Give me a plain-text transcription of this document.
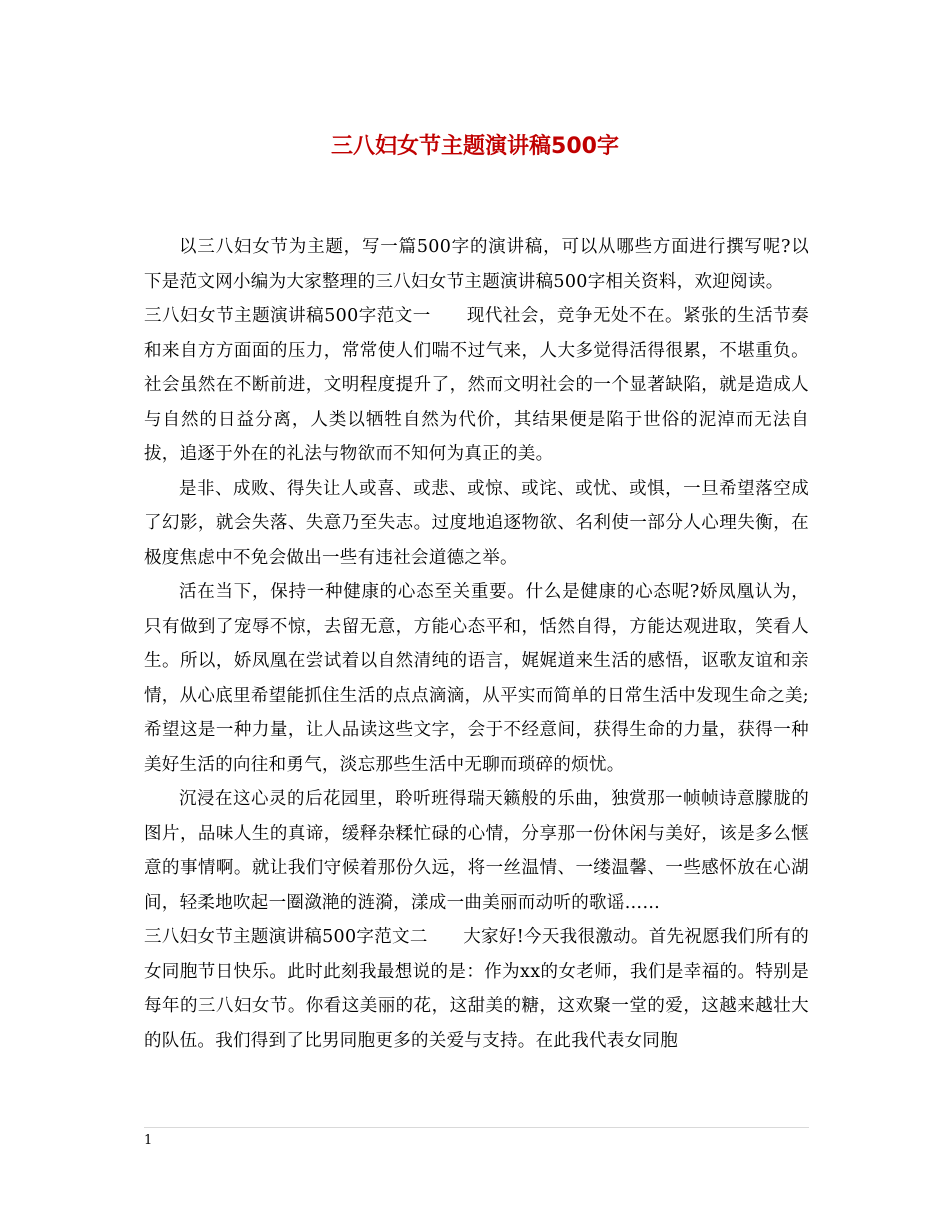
三八妇女节主题演讲稿500字

以三八妇女节为主题，写一篇500字的演讲稿，可以从哪些方面进行撰写呢?以下是范文网小编为大家整理的三八妇女节主题演讲稿500字相关资料，欢迎阅读。

三八妇女节主题演讲稿500字范文一　　现代社会，竞争无处不在。紧张的生活节奏和来自方方面面的压力，常常使人们喘不过气来，人大多觉得活得很累，不堪重负。社会虽然在不断前进，文明程度提升了，然而文明社会的一个显著缺陷，就是造成人与自然的日益分离，人类以牺牲自然为代价，其结果便是陷于世俗的泥淖而无法自拔，追逐于外在的礼法与物欲而不知何为真正的美。

是非、成败、得失让人或喜、或悲、或惊、或诧、或忧、或惧，一旦希望落空成了幻影，就会失落、失意乃至失志。过度地追逐物欲、名利使一部分人心理失衡，在极度焦虑中不免会做出一些有违社会道德之举。

活在当下，保持一种健康的心态至关重要。什么是健康的心态呢?娇凤凰认为，只有做到了宠辱不惊，去留无意，方能心态平和，恬然自得，方能达观进取，笑看人生。所以，娇凤凰在尝试着以自然清纯的语言，娓娓道来生活的感悟，讴歌友谊和亲情，从心底里希望能抓住生活的点点滴滴，从平实而简单的日常生活中发现生命之美;希望这是一种力量，让人品读这些文字，会于不经意间，获得生命的力量，获得一种美好生活的向往和勇气，淡忘那些生活中无聊而琐碎的烦忧。

沉浸在这心灵的后花园里，聆听班得瑞天籁般的乐曲，独赏那一帧帧诗意朦胧的图片，品味人生的真谛，缓释杂糅忙碌的心情，分享那一份休闲与美好，该是多么惬意的事情啊。就让我们守候着那份久远，将一丝温情、一缕温馨、一些感怀放在心湖间，轻柔地吹起一圈潋滟的涟漪，漾成一曲美丽而动听的歌谣……

三八妇女节主题演讲稿500字范文二　　大家好!今天我很激动。首先祝愿我们所有的女同胞节日快乐。此时此刻我最想说的是：作为xx的女老师，我们是幸福的。特别是每年的三八妇女节。你看这美丽的花，这甜美的糖，这欢聚一堂的爱，这越来越壮大的队伍。我们得到了比男同胞更多的关爱与支持。在此我代表女同胞

1
